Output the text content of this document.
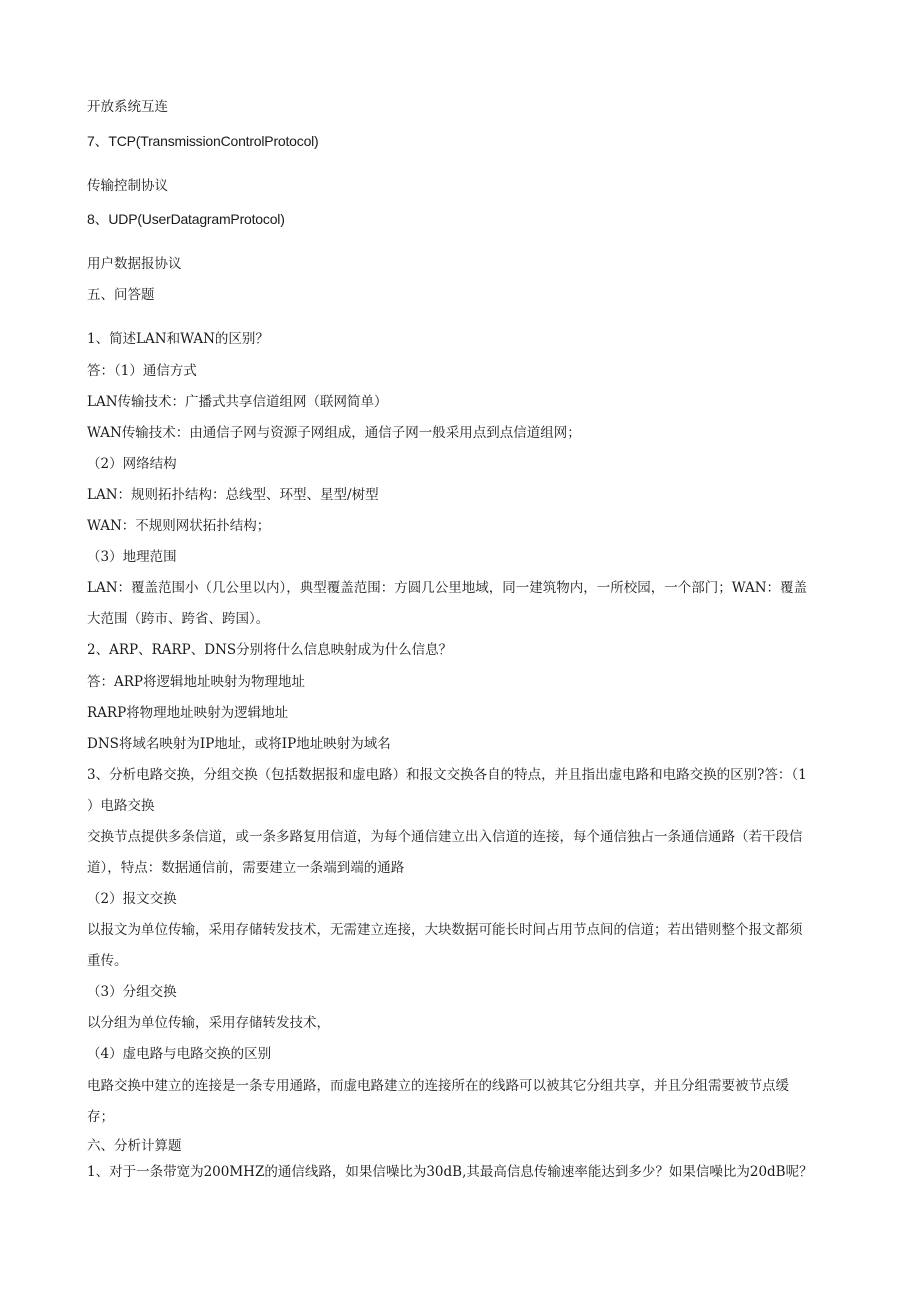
开放系统互连

7、TCP(TransmissionControlProtocol)

传输控制协议

8、UDP(UserDatagramProtocol)

用户数据报协议

五、问答题

1、简述LAN和WAN的区别？

答：（1）通信方式

LAN传输技术：广播式共享信道组网（联网简单）

WAN传输技术：由通信子网与资源子网组成，通信子网一般采用点到点信道组网；

（2）网络结构

LAN：规则拓扑结构：总线型、环型、星型/树型

WAN：不规则网状拓扑结构；

（3）地理范围

LAN：覆盖范围小（几公里以内），典型覆盖范围：方圆几公里地域，同一建筑物内，一所校园，一个部门；WAN：覆盖

大范围（跨市、跨省、跨国）。

2、ARP、RARP、DNS分别将什么信息映射成为什么信息？

答：ARP将逻辑地址映射为物理地址

RARP将物理地址映射为逻辑地址

DNS将域名映射为IP地址，或将IP地址映射为域名

3、分析电路交换，分组交换（包括数据报和虚电路）和报文交换各自的特点，并且指出虚电路和电路交换的区别?答：（1

）电路交换

交换节点提供多条信道，或一条多路复用信道，为每个通信建立出入信道的连接，每个通信独占一条通信通路（若干段信

道），特点：数据通信前，需要建立一条端到端的通路

（2）报文交换

以报文为单位传输，采用存储转发技术，无需建立连接，大块数据可能长时间占用节点间的信道；若出错则整个报文都须

重传。

（3）分组交换

以分组为单位传输，采用存储转发技术，

（4）虚电路与电路交换的区别

电路交换中建立的连接是一条专用通路，而虚电路建立的连接所在的线路可以被其它分组共享，并且分组需要被节点缓

存；

六、分析计算题

1、对于一条带宽为200MHZ的通信线路，如果信噪比为30dB,其最高信息传输速率能达到多少？如果信噪比为20dB呢？
